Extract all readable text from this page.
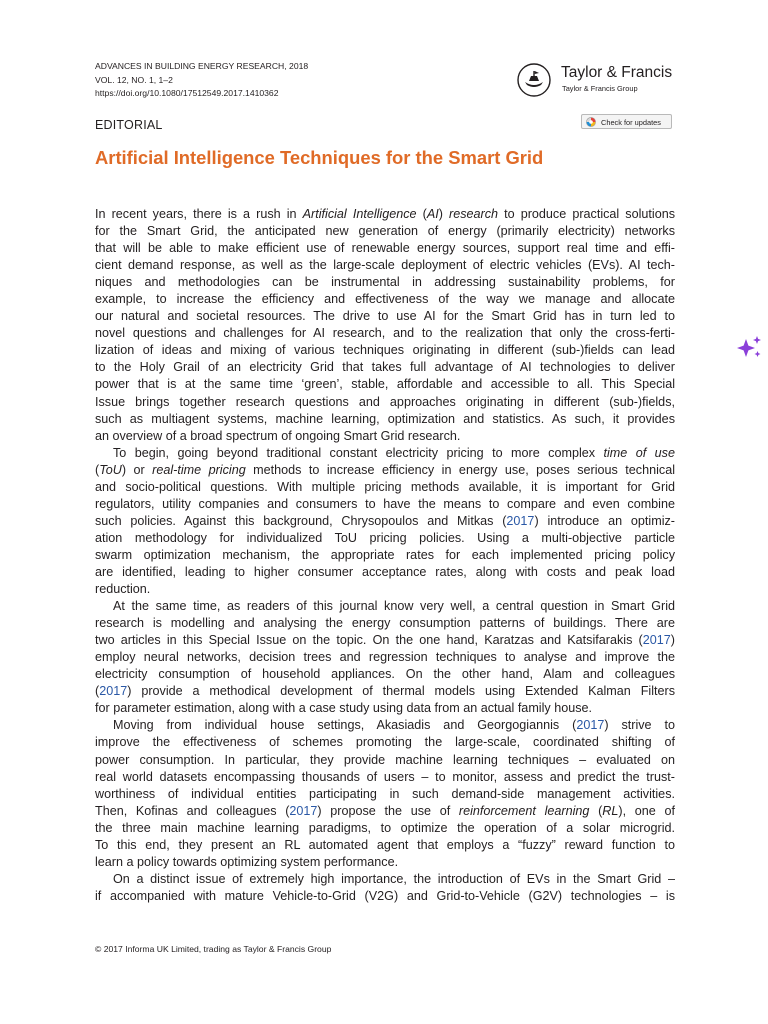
ADVANCES IN BUILDING ENERGY RESEARCH, 2018
VOL. 12, NO. 1, 1–2
https://doi.org/10.1080/17512549.2017.1410362
Taylor & Francis
Taylor & Francis Group
EDITORIAL	Check for updates
Artificial Intelligence Techniques for the Smart Grid
In recent years, there is a rush in Artificial Intelligence (AI) research to produce practical solutions
for the Smart Grid, the anticipated new generation of energy (primarily electricity) networks
that will be able to make efficient use of renewable energy sources, support real time and effi-
cient demand response, as well as the large-scale deployment of electric vehicles (EVs). AI tech-
niques and methodologies can be instrumental in addressing sustainability problems, for
example, to increase the efficiency and effectiveness of the way we manage and allocate
our natural and societal resources. The drive to use AI for the Smart Grid has in turn led to
novel questions and challenges for AI research, and to the realization that only the cross-ferti-
lization of ideas and mixing of various techniques originating in different (sub-)fields can lead
to the Holy Grail of an electricity Grid that takes full advantage of AI technologies to deliver
power that is at the same time ‘green’, stable, affordable and accessible to all. This Special
Issue brings together research questions and approaches originating in different (sub-)fields,
such as multiagent systems, machine learning, optimization and statistics. As such, it provides
an overview of a broad spectrum of ongoing Smart Grid research.
To begin, going beyond traditional constant electricity pricing to more complex time of use
(ToU) or real-time pricing methods to increase efficiency in energy use, poses serious technical
and socio-political questions. With multiple pricing methods available, it is important for Grid
regulators, utility companies and consumers to have the means to compare and even combine
such policies. Against this background, Chrysopoulos and Mitkas (2017) introduce an optimiz-
ation methodology for individualized ToU pricing policies. Using a multi-objective particle
swarm optimization mechanism, the appropriate rates for each implemented pricing policy
are identified, leading to higher consumer acceptance rates, along with costs and peak load
reduction.
At the same time, as readers of this journal know very well, a central question in Smart Grid
research is modelling and analysing the energy consumption patterns of buildings. There are
two articles in this Special Issue on the topic. On the one hand, Karatzas and Katsifarakis (2017)
employ neural networks, decision trees and regression techniques to analyse and improve the
electricity consumption of household appliances. On the other hand, Alam and colleagues
(2017) provide a methodical development of thermal models using Extended Kalman Filters
for parameter estimation, along with a case study using data from an actual family house.
Moving from individual house settings, Akasiadis and Georgogiannis (2017) strive to
improve the effectiveness of schemes promoting the large-scale, coordinated shifting of
power consumption. In particular, they provide machine learning techniques – evaluated on
real world datasets encompassing thousands of users – to monitor, assess and predict the trust-
worthiness of individual entities participating in such demand-side management activities.
Then, Kofinas and colleagues (2017) propose the use of reinforcement learning (RL), one of
the three main machine learning paradigms, to optimize the operation of a solar microgrid.
To this end, they present an RL automated agent that employs a “fuzzy” reward function to
learn a policy towards optimizing system performance.
On a distinct issue of extremely high importance, the introduction of EVs in the Smart Grid –
if accompanied with mature Vehicle-to-Grid (V2G) and Grid-to-Vehicle (G2V) technologies – is
© 2017 Informa UK Limited, trading as Taylor & Francis Group
